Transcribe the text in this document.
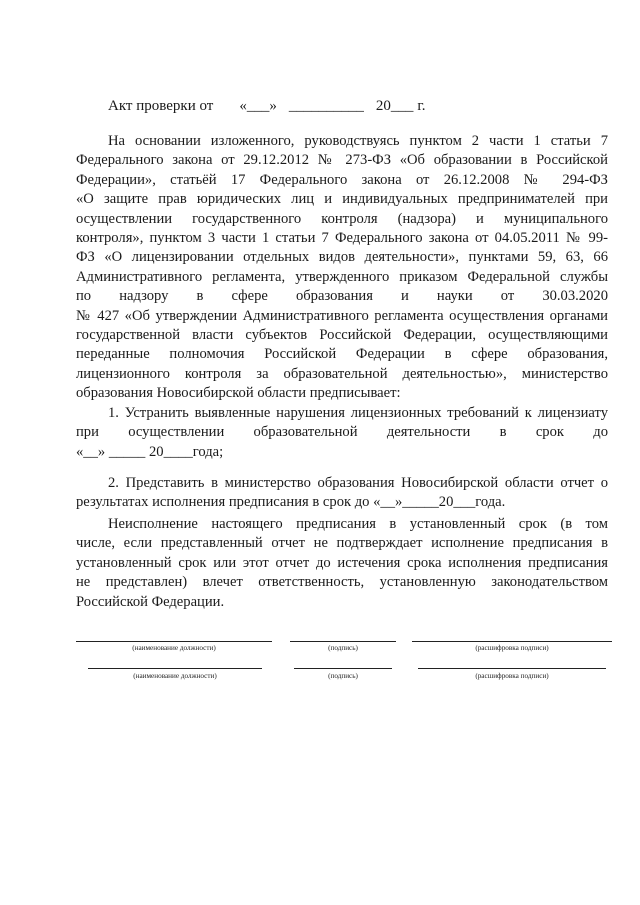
Акт проверки от «___» __________ 20___ г.
На основании изложенного, руководствуясь пунктом 2 части 1 статьи 7
Федерального закона от 29.12.2012 № 273-ФЗ «Об образовании в Российской
Федерации», статьёй 17 Федерального закона от 26.12.2008 № 294-ФЗ
«О защите прав юридических лиц и индивидуальных предпринимателей при
осуществлении государственного контроля (надзора) и муниципального
контроля», пунктом 3 части 1 статьи 7 Федерального закона от 04.05.2011 № 99-
ФЗ «О лицензировании отдельных видов деятельности», пунктами 59, 63, 66
Административного регламента, утвержденного приказом Федеральной службы
по надзору в сфере образования и науки от 30.03.2020
№ 427 «Об утверждении Административного регламента осуществления органами
государственной власти субъектов Российской Федерации, осуществляющими
переданные полномочия Российской Федерации в сфере образования,
лицензионного контроля за образовательной деятельностью», министерство
образования Новосибирской области предписывает:
1. Устранить выявленные нарушения лицензионных требований к лицензиату
при осуществлении образовательной деятельности в срок до
«__» _____ 20____года;
2. Представить в министерство образования Новосибирской области отчет о
результатах исполнения предписания в срок до «__»_____20___года.
Неисполнение настоящего предписания в установленный срок (в том
числе, если представленный отчет не подтверждает исполнение предписания в
установленный срок или этот отчет до истечения срока исполнения предписания
не представлен) влечет ответственность, установленную законодательством
Российской Федерации.
(наименование должности)	(подпись)	(расшифровка подписи)
(наименование должности)	(подпись)	(расшифровка подписи)
